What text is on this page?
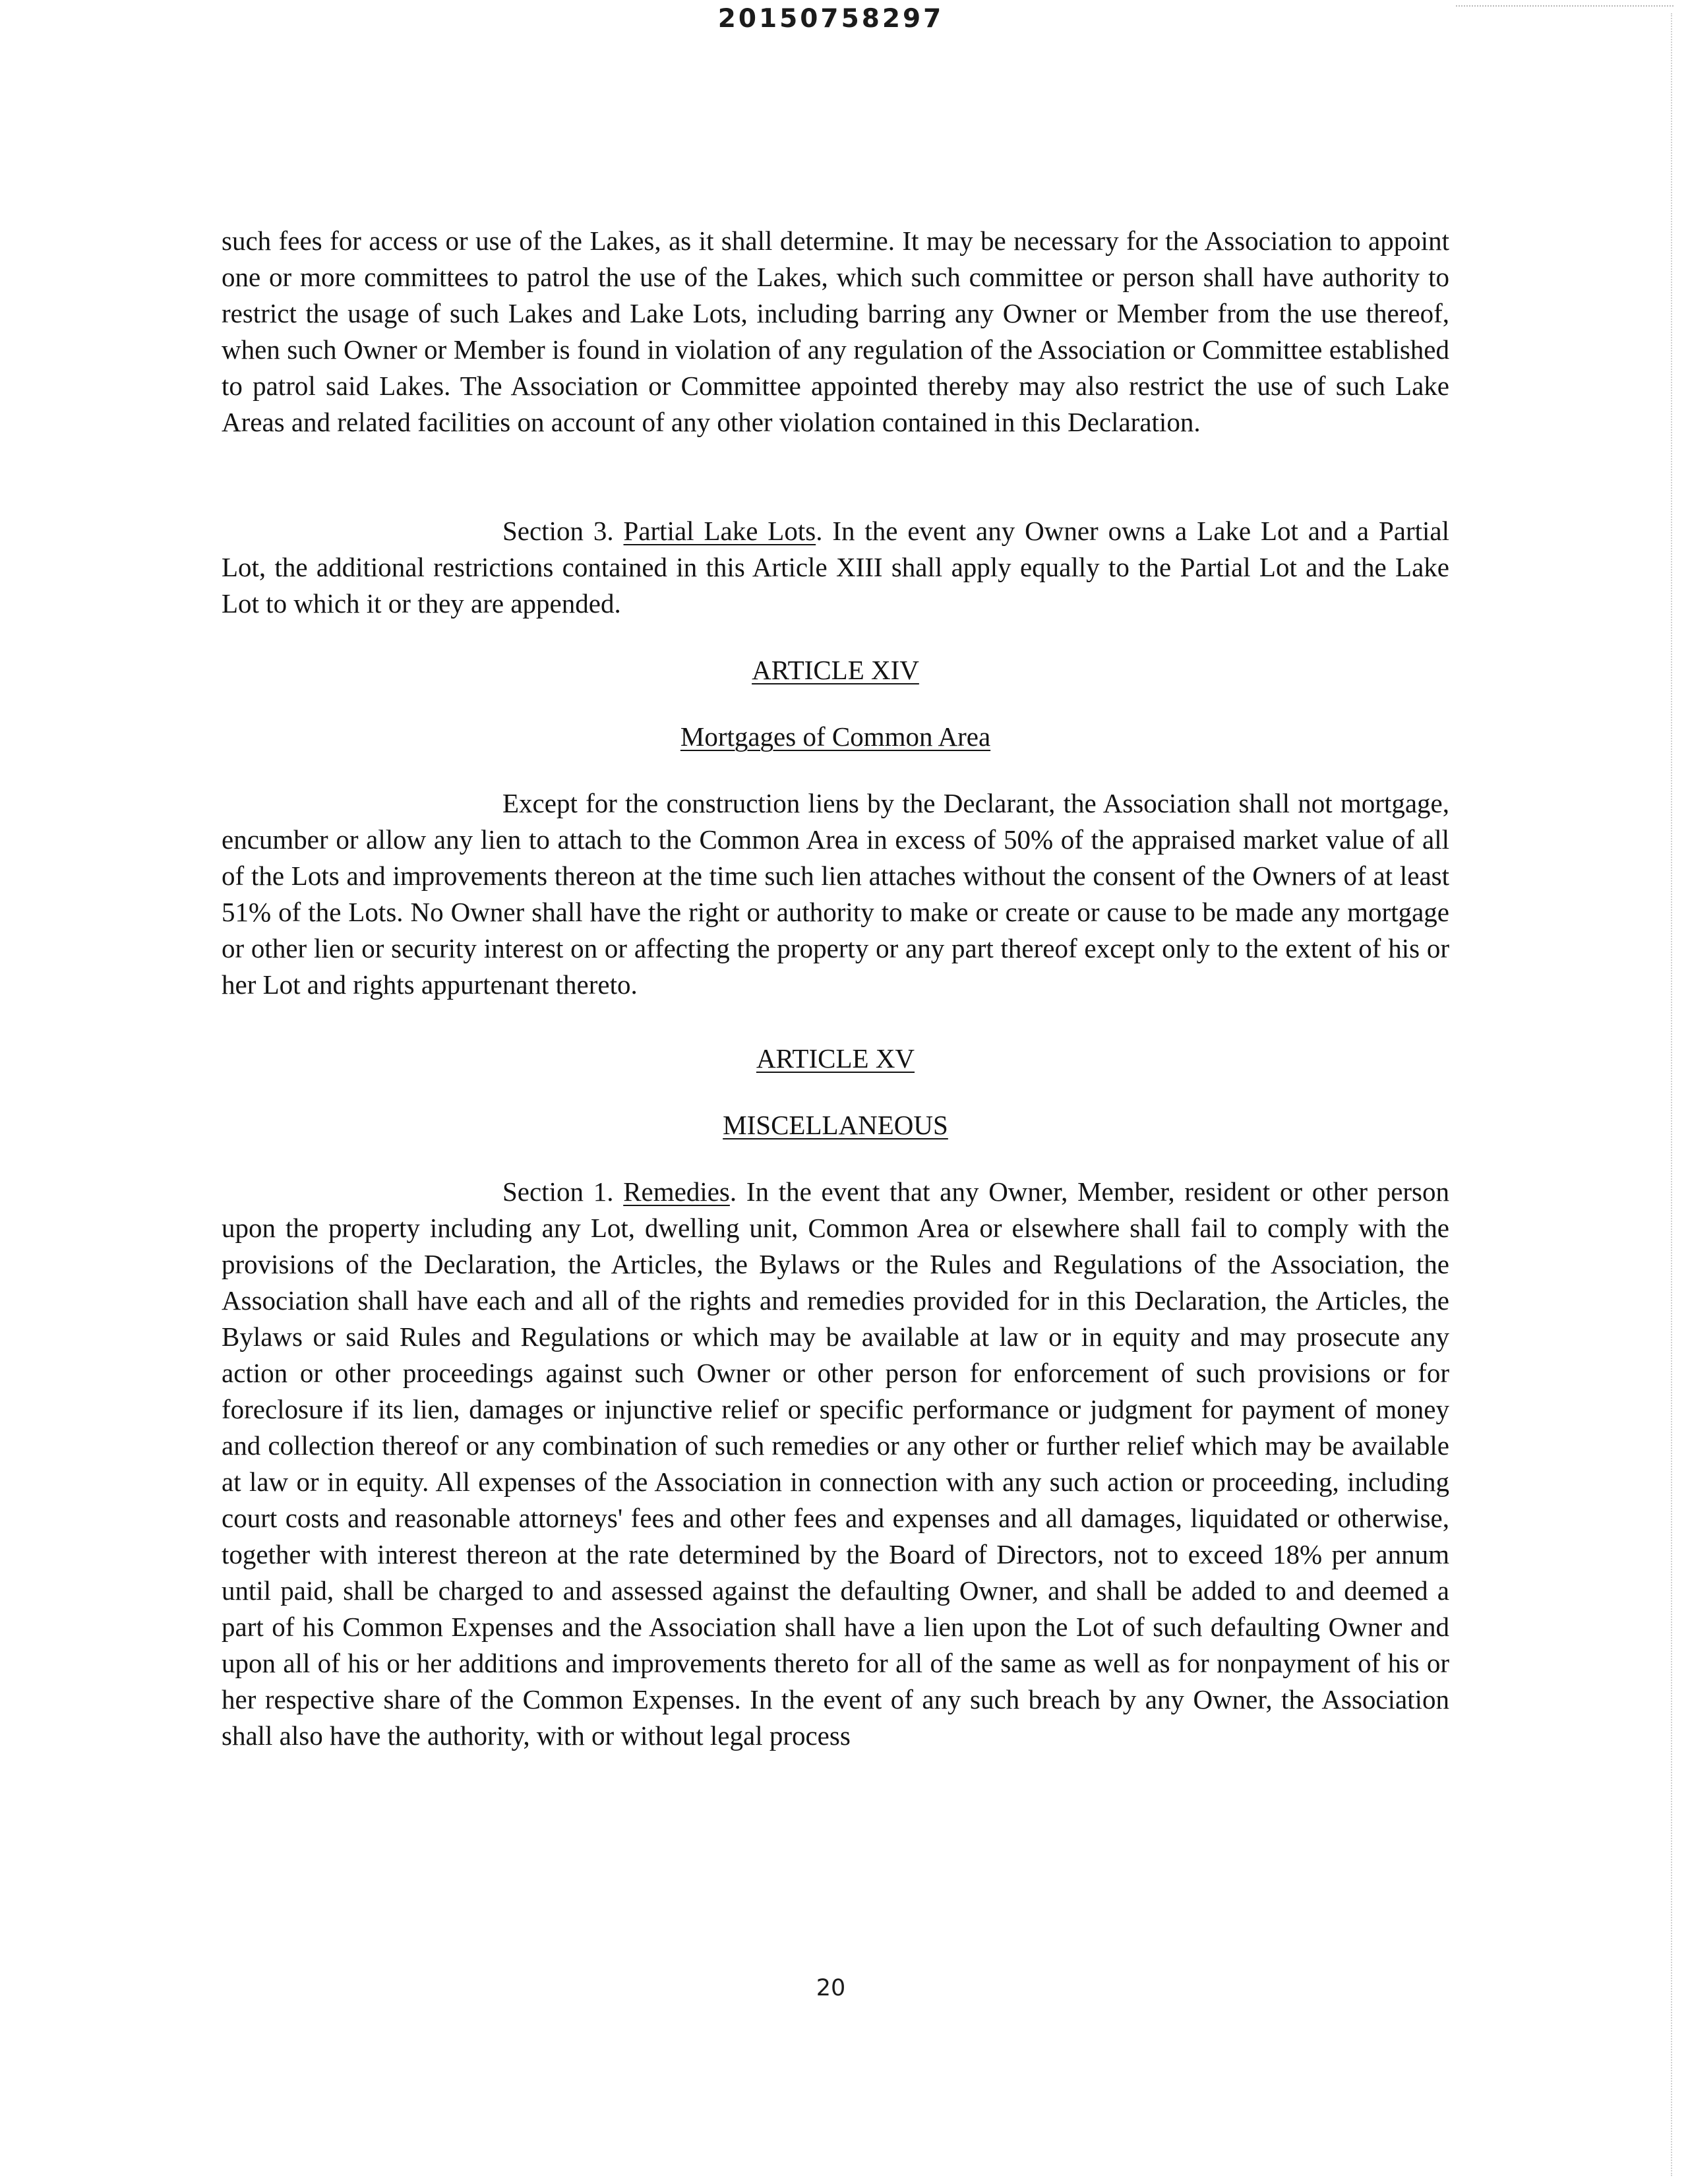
20150758297

such fees for access or use of the Lakes, as it shall determine. It may be necessary for the Association to appoint one or more committees to patrol the use of the Lakes, which such committee or person shall have authority to restrict the usage of such Lakes and Lake Lots, including barring any Owner or Member from the use thereof, when such Owner or Member is found in violation of any regulation of the Association or Committee established to patrol said Lakes. The Association or Committee appointed thereby may also restrict the use of such Lake Areas and related facilities on account of any other violation contained in this Declaration.

Section 3. Partial Lake Lots. In the event any Owner owns a Lake Lot and a Partial Lot, the additional restrictions contained in this Article XIII shall apply equally to the Partial Lot and the Lake Lot to which it or they are appended.

ARTICLE XIV
Mortgages of Common Area

Except for the construction liens by the Declarant, the Association shall not mortgage, encumber or allow any lien to attach to the Common Area in excess of 50% of the appraised market value of all of the Lots and improvements thereon at the time such lien attaches without the consent of the Owners of at least 51% of the Lots. No Owner shall have the right or authority to make or create or cause to be made any mortgage or other lien or security interest on or affecting the property or any part thereof except only to the extent of his or her Lot and rights appurtenant thereto.

ARTICLE XV
MISCELLANEOUS

Section 1. Remedies. In the event that any Owner, Member, resident or other person upon the property including any Lot, dwelling unit, Common Area or elsewhere shall fail to comply with the provisions of the Declaration, the Articles, the Bylaws or the Rules and Regulations of the Association, the Association shall have each and all of the rights and remedies provided for in this Declaration, the Articles, the Bylaws or said Rules and Regulations or which may be available at law or in equity and may prosecute any action or other proceedings against such Owner or other person for enforcement of such provisions or for foreclosure if its lien, damages or injunctive relief or specific performance or judgment for payment of money and collection thereof or any combination of such remedies or any other or further relief which may be available at law or in equity. All expenses of the Association in connection with any such action or proceeding, including court costs and reasonable attorneys' fees and other fees and expenses and all damages, liquidated or otherwise, together with interest thereon at the rate determined by the Board of Directors, not to exceed 18% per annum until paid, shall be charged to and assessed against the defaulting Owner, and shall be added to and deemed a part of his Common Expenses and the Association shall have a lien upon the Lot of such defaulting Owner and upon all of his or her additions and improvements thereto for all of the same as well as for nonpayment of his or her respective share of the Common Expenses. In the event of any such breach by any Owner, the Association shall also have the authority, with or without legal process

20
